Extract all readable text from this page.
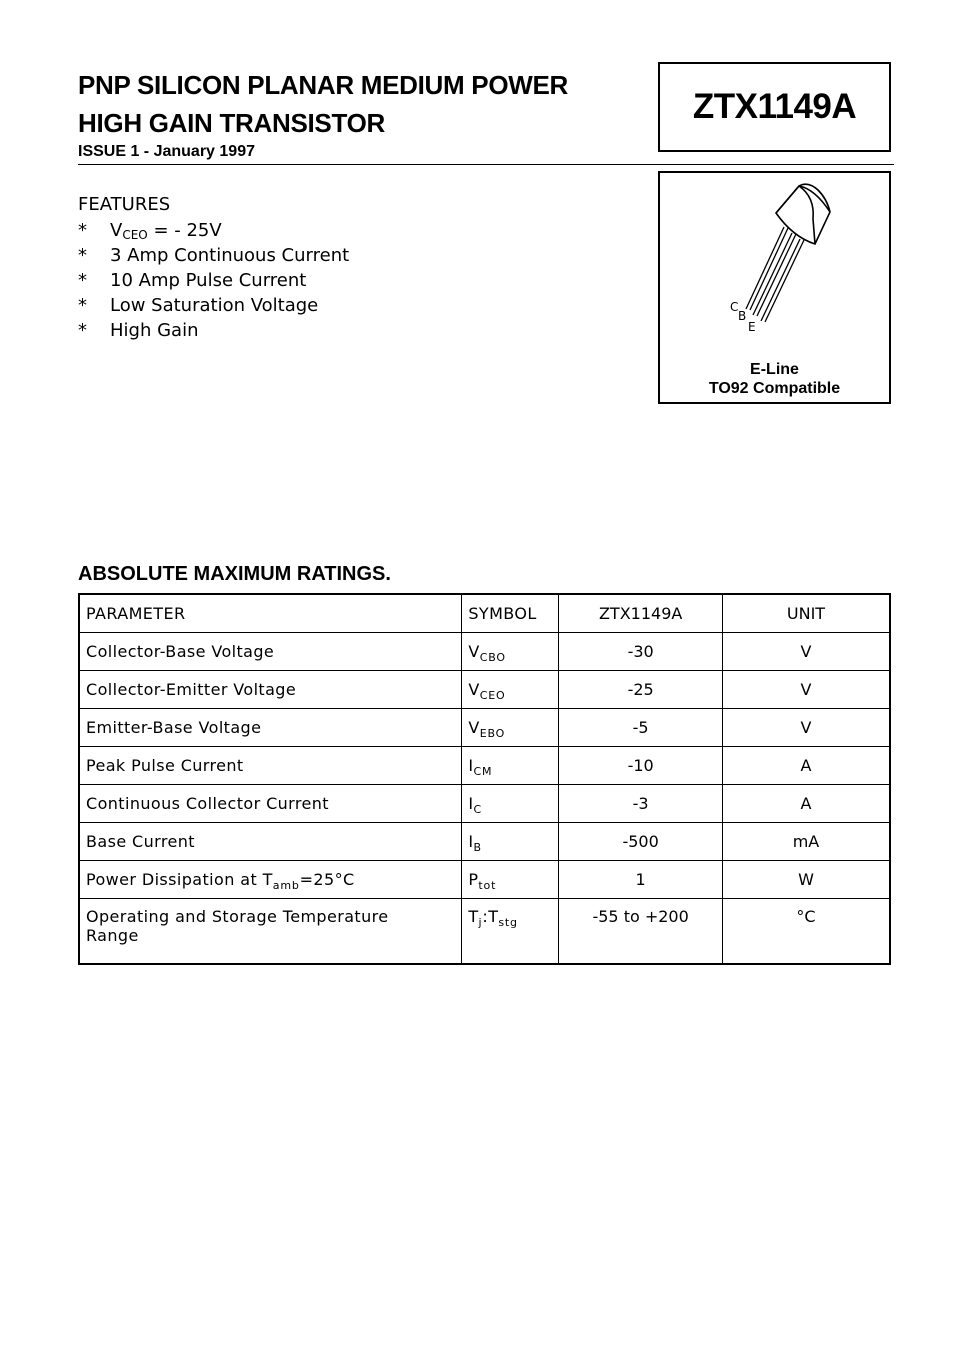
PNP SILICON PLANAR MEDIUM POWER
HIGH GAIN TRANSISTOR
ISSUE 1 - January 1997
ZTX1149A
C
B
E
E-Line
TO92 Compatible
FEATURES
*	$V_{CEO}$ = - 25V
*	3 Amp Continuous Current
*	10 Amp Pulse Current
*	Low Saturation Voltage
*	High Gain
ABSOLUTE MAXIMUM RATINGS.
PARAMETER	SYMBOL	ZTX1149A	UNIT
Collector-Base Voltage	$V_{CBO}$	-30	V
Collector-Emitter Voltage	$V_{CEO}$	-25	V
Emitter-Base Voltage	$V_{EBO}$	-5	V
Peak Pulse Current	$I_{CM}$	-10	A
Continuous Collector Current	$I_C$	-3	A
Base Current	$I_B$	-500	mA
Power Dissipation at $T_{amb}=25^\circ C$	$P_{tot}$	1	W

Operating and Storage Temperature
Range	$T_j:T_{stg}$	-55 to +200	°C
